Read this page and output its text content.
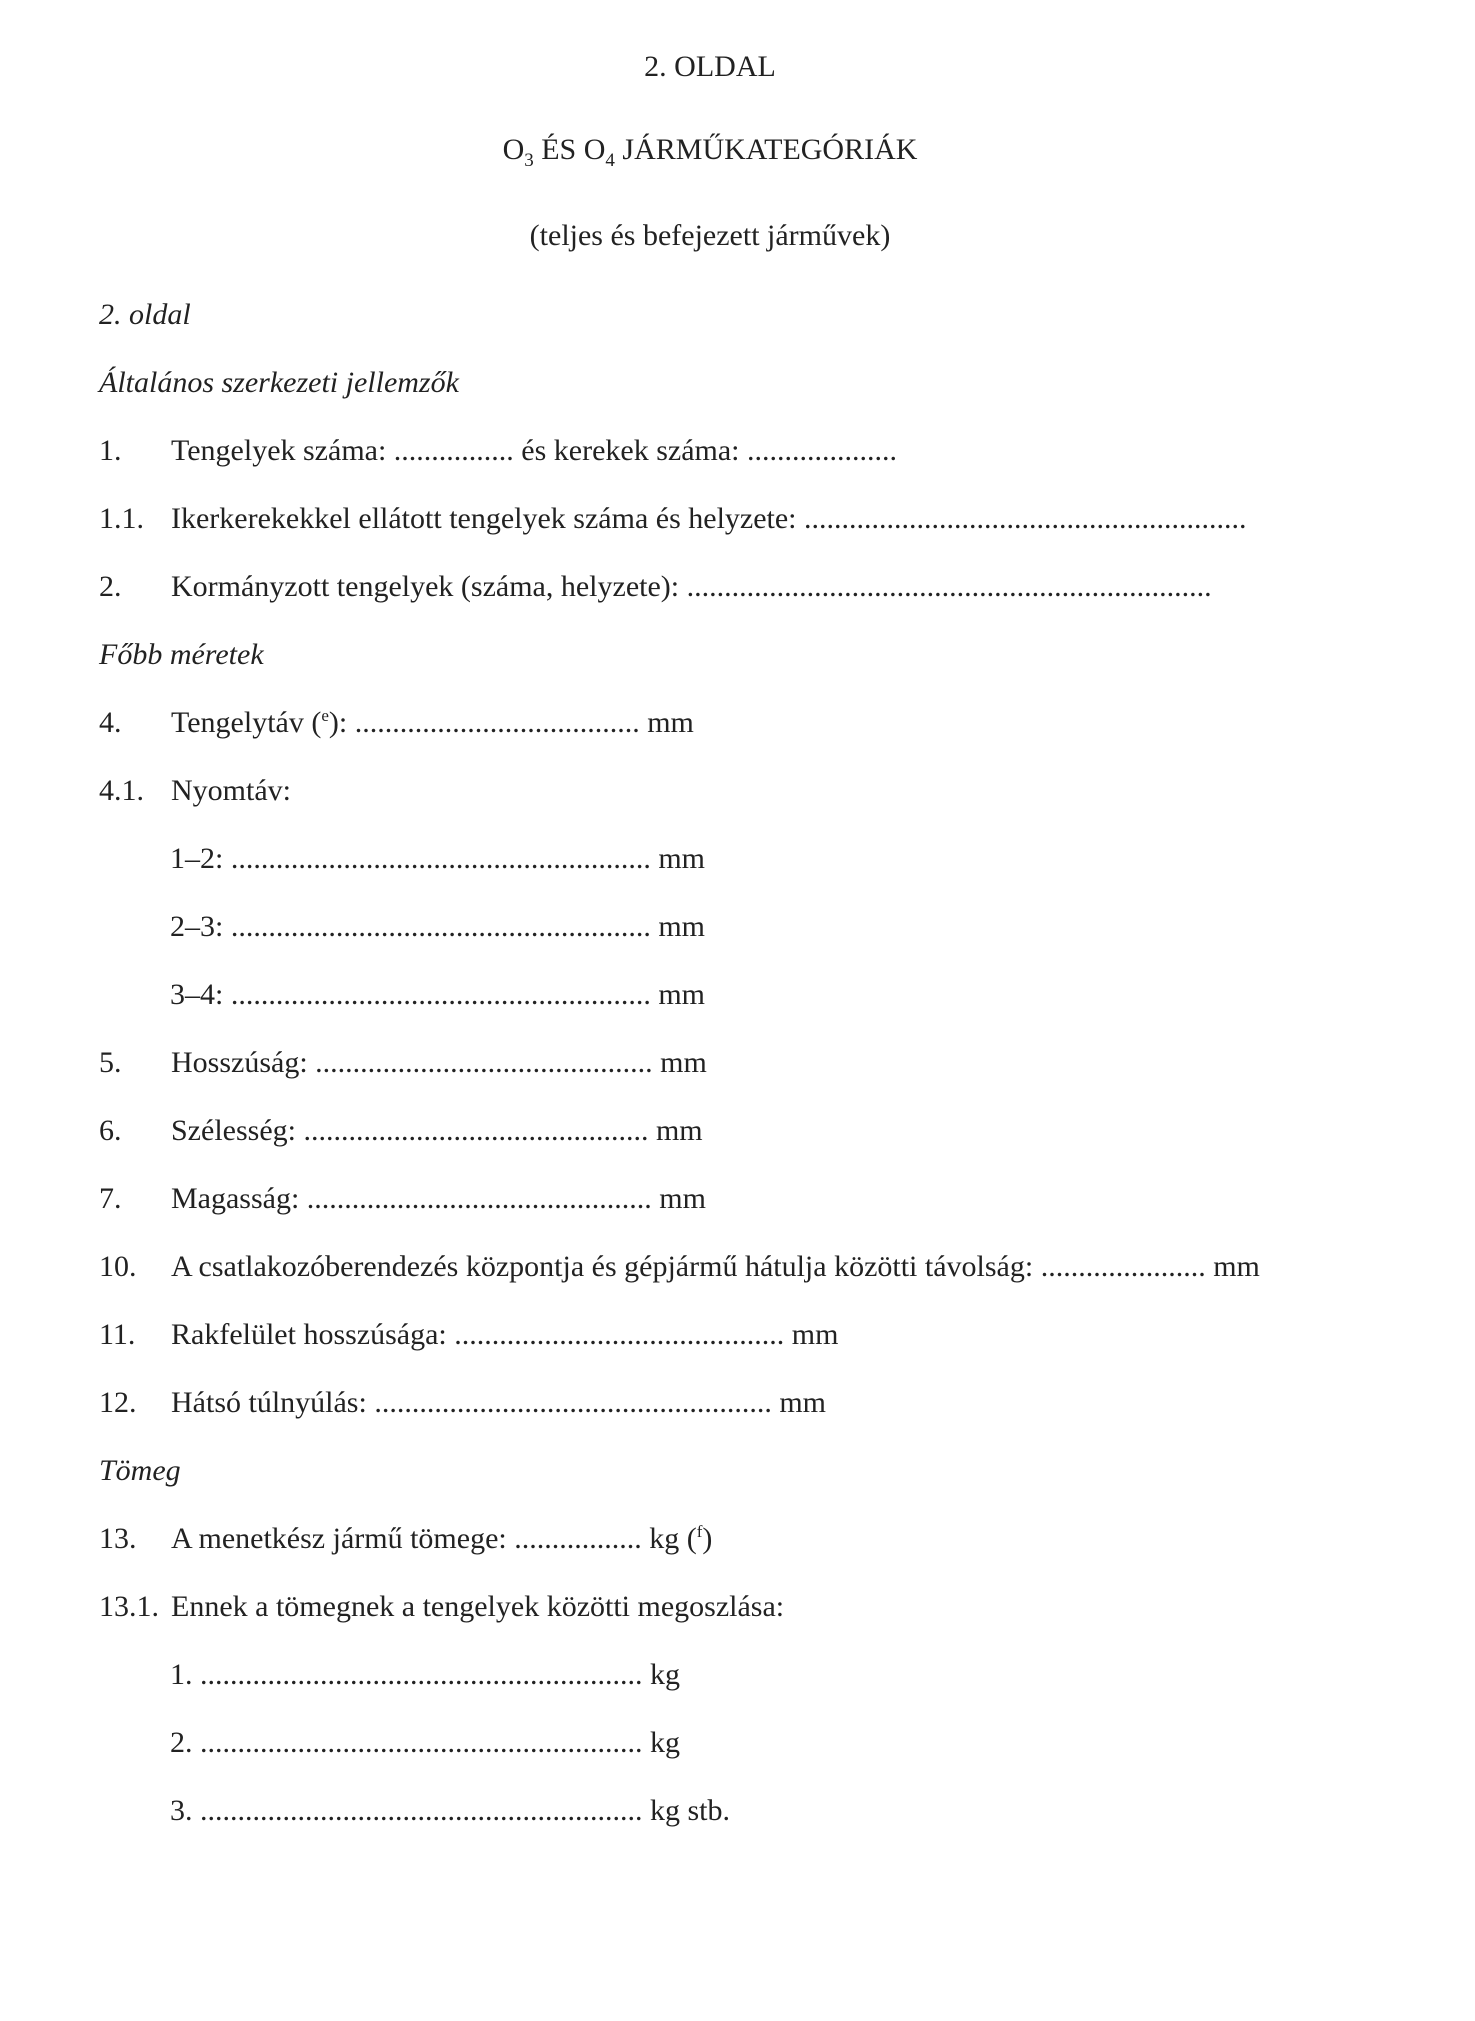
2. OLDAL
$O_3$ ÉS $O_4$ JÁRMŰKATEGÓRIÁK
(teljes és befejezett járművek)
2. oldal
Általános szerkezeti jellemzők
1. Tengelyek száma: ................ és kerekek száma: ....................
1.1. Ikerkerekekkel ellátott tengelyek száma és helyzete: ...........................................................
2. Kormányzott tengelyek (száma, helyzete): ......................................................................
Főbb méretek
4. Tengelytáv ($^e$): ...................................... mm
4.1. Nyomtáv:
1–2: ........................................................ mm
2–3: ........................................................ mm
3–4: ........................................................ mm
5. Hosszúság: ............................................. mm
6. Szélesség: .............................................. mm
7. Magasság: .............................................. mm
10. A csatlakozóberendezés központja és gépjármű hátulja közötti távolság: ...................... mm
11. Rakfelület hosszúsága: ............................................ mm
12. Hátsó túlnyúlás: ..................................................... mm
Tömeg
13. A menetkész jármű tömege: ................. kg ($^f$)
13.1. Ennek a tömegnek a tengelyek közötti megoszlása:
1. ........................................................... kg
2. ........................................................... kg
3. ........................................................... kg stb.
